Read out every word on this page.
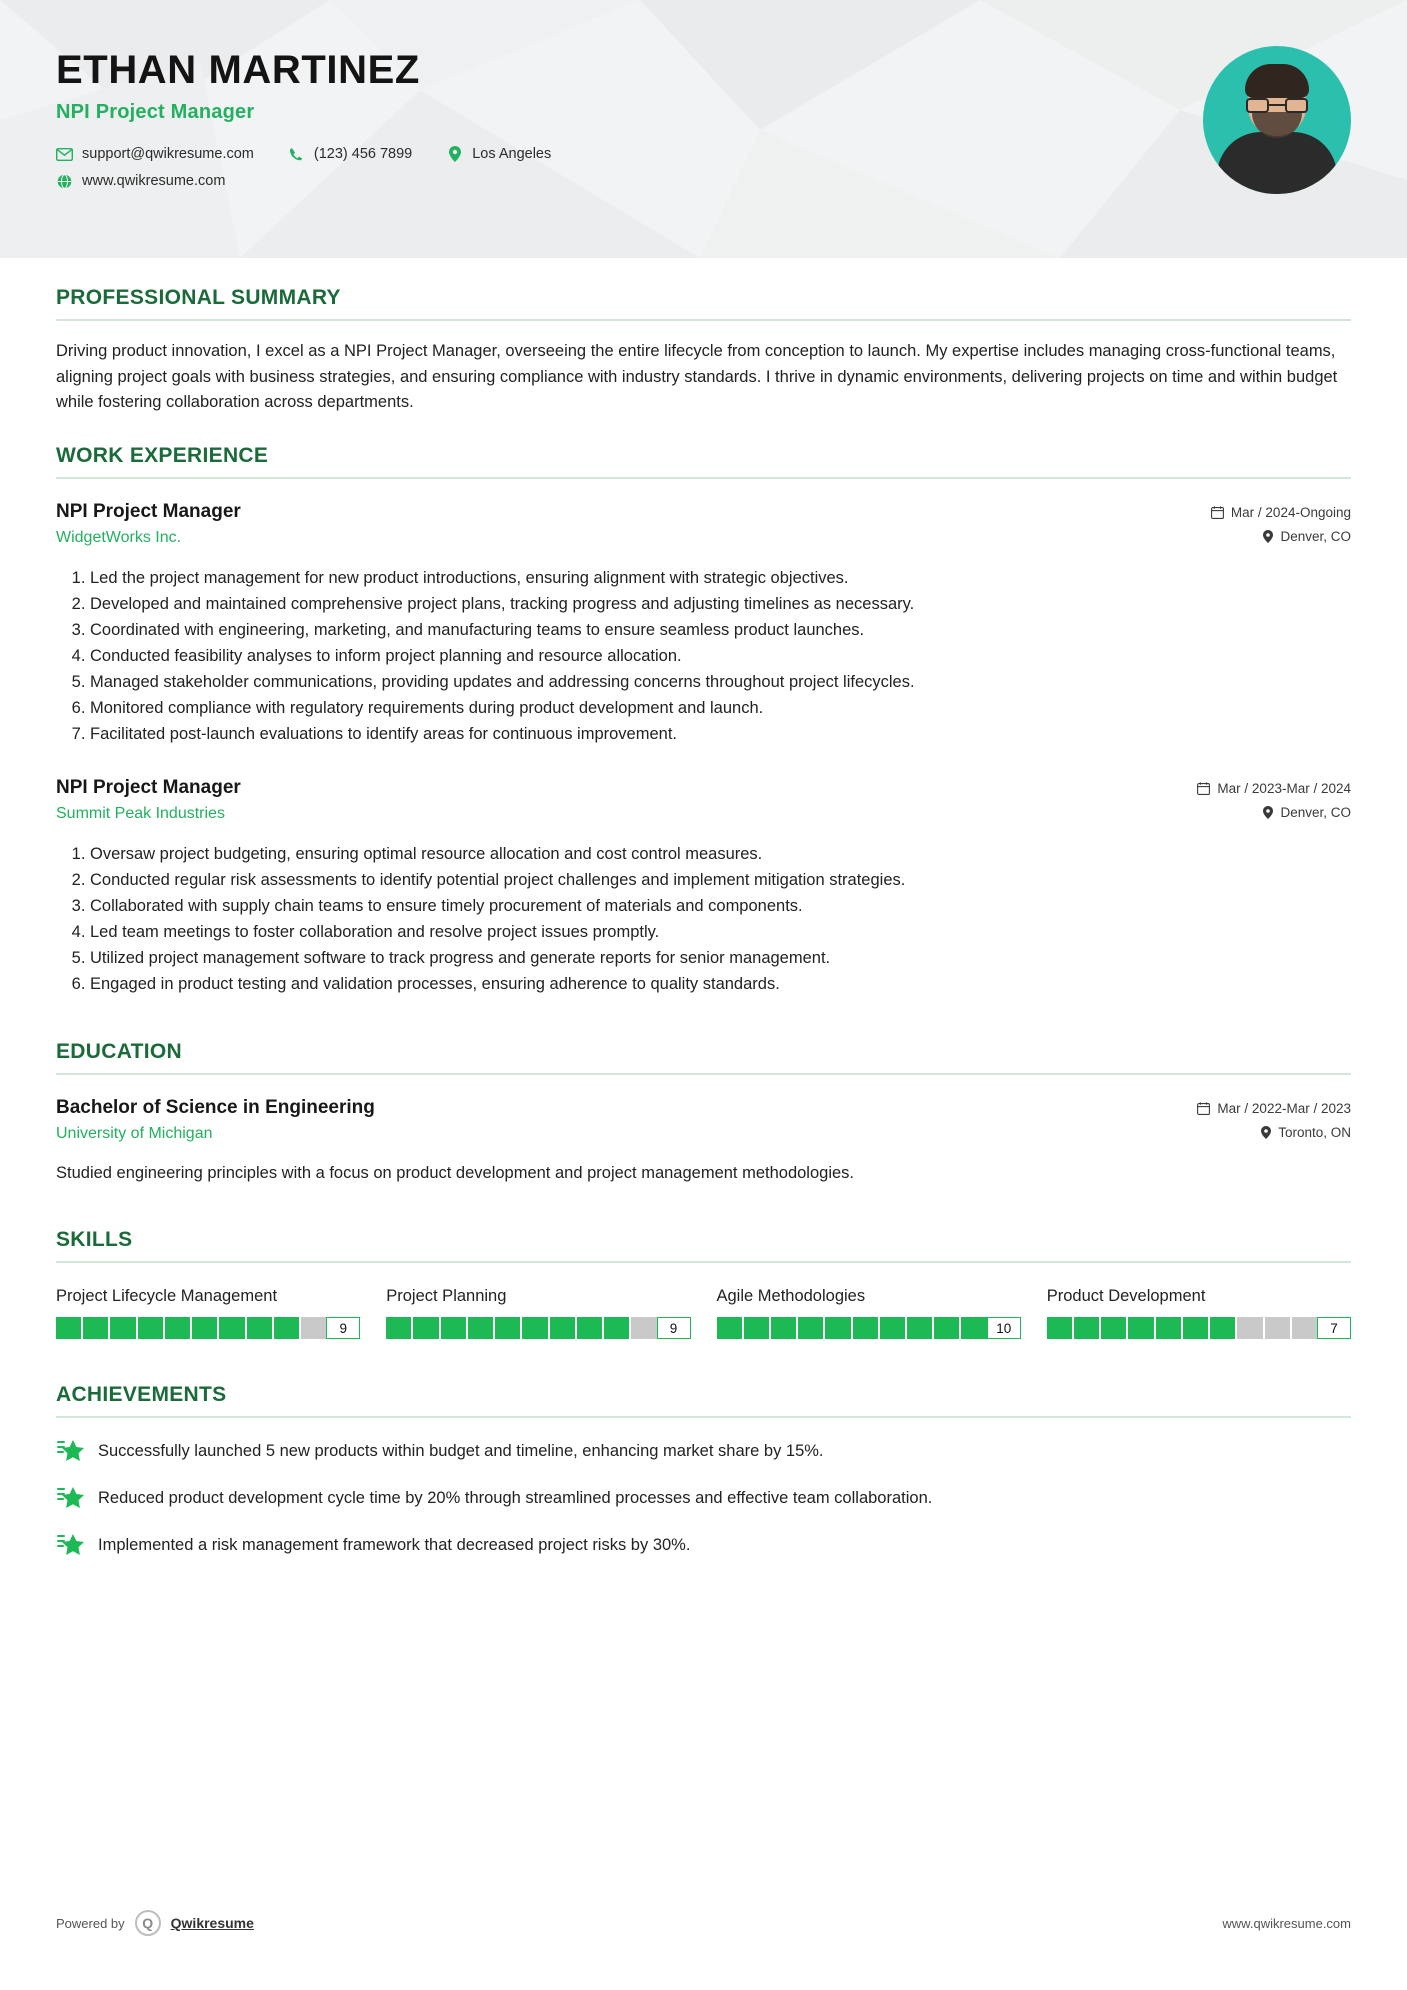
ETHAN MARTINEZ
NPI Project Manager
support@qwikresume.com	(123) 456 7899	Los Angeles
www.qwikresume.com
PROFESSIONAL SUMMARY
Driving product innovation, I excel as a NPI Project Manager, overseeing the entire lifecycle from conception to launch. My expertise includes managing cross-functional teams, aligning project goals with business strategies, and ensuring compliance with industry standards. I thrive in dynamic environments, delivering projects on time and within budget while fostering collaboration across departments.
WORK EXPERIENCE
NPI Project Manager
WidgetWorks Inc.
Mar / 2024-Ongoing
Denver, CO
1. Led the project management for new product introductions, ensuring alignment with strategic objectives.
2. Developed and maintained comprehensive project plans, tracking progress and adjusting timelines as necessary.
3. Coordinated with engineering, marketing, and manufacturing teams to ensure seamless product launches.
4. Conducted feasibility analyses to inform project planning and resource allocation.
5. Managed stakeholder communications, providing updates and addressing concerns throughout project lifecycles.
6. Monitored compliance with regulatory requirements during product development and launch.
7. Facilitated post-launch evaluations to identify areas for continuous improvement.
NPI Project Manager
Summit Peak Industries
Mar / 2023-Mar / 2024
Denver, CO
1. Oversaw project budgeting, ensuring optimal resource allocation and cost control measures.
2. Conducted regular risk assessments to identify potential project challenges and implement mitigation strategies.
3. Collaborated with supply chain teams to ensure timely procurement of materials and components.
4. Led team meetings to foster collaboration and resolve project issues promptly.
5. Utilized project management software to track progress and generate reports for senior management.
6. Engaged in product testing and validation processes, ensuring adherence to quality standards.
EDUCATION
Bachelor of Science in Engineering
University of Michigan
Mar / 2022-Mar / 2023
Toronto, ON
Studied engineering principles with a focus on product development and project management methodologies.
SKILLS
Project Lifecycle Management
9
Project Planning
9
Agile Methodologies
10
Product Development
7
ACHIEVEMENTS
Successfully launched 5 new products within budget and timeline, enhancing market share by 15%.
Reduced product development cycle time by 20% through streamlined processes and effective team collaboration.
Implemented a risk management framework that decreased project risks by 30%.
Powered by	Q	Qwikresume	www.qwikresume.com
